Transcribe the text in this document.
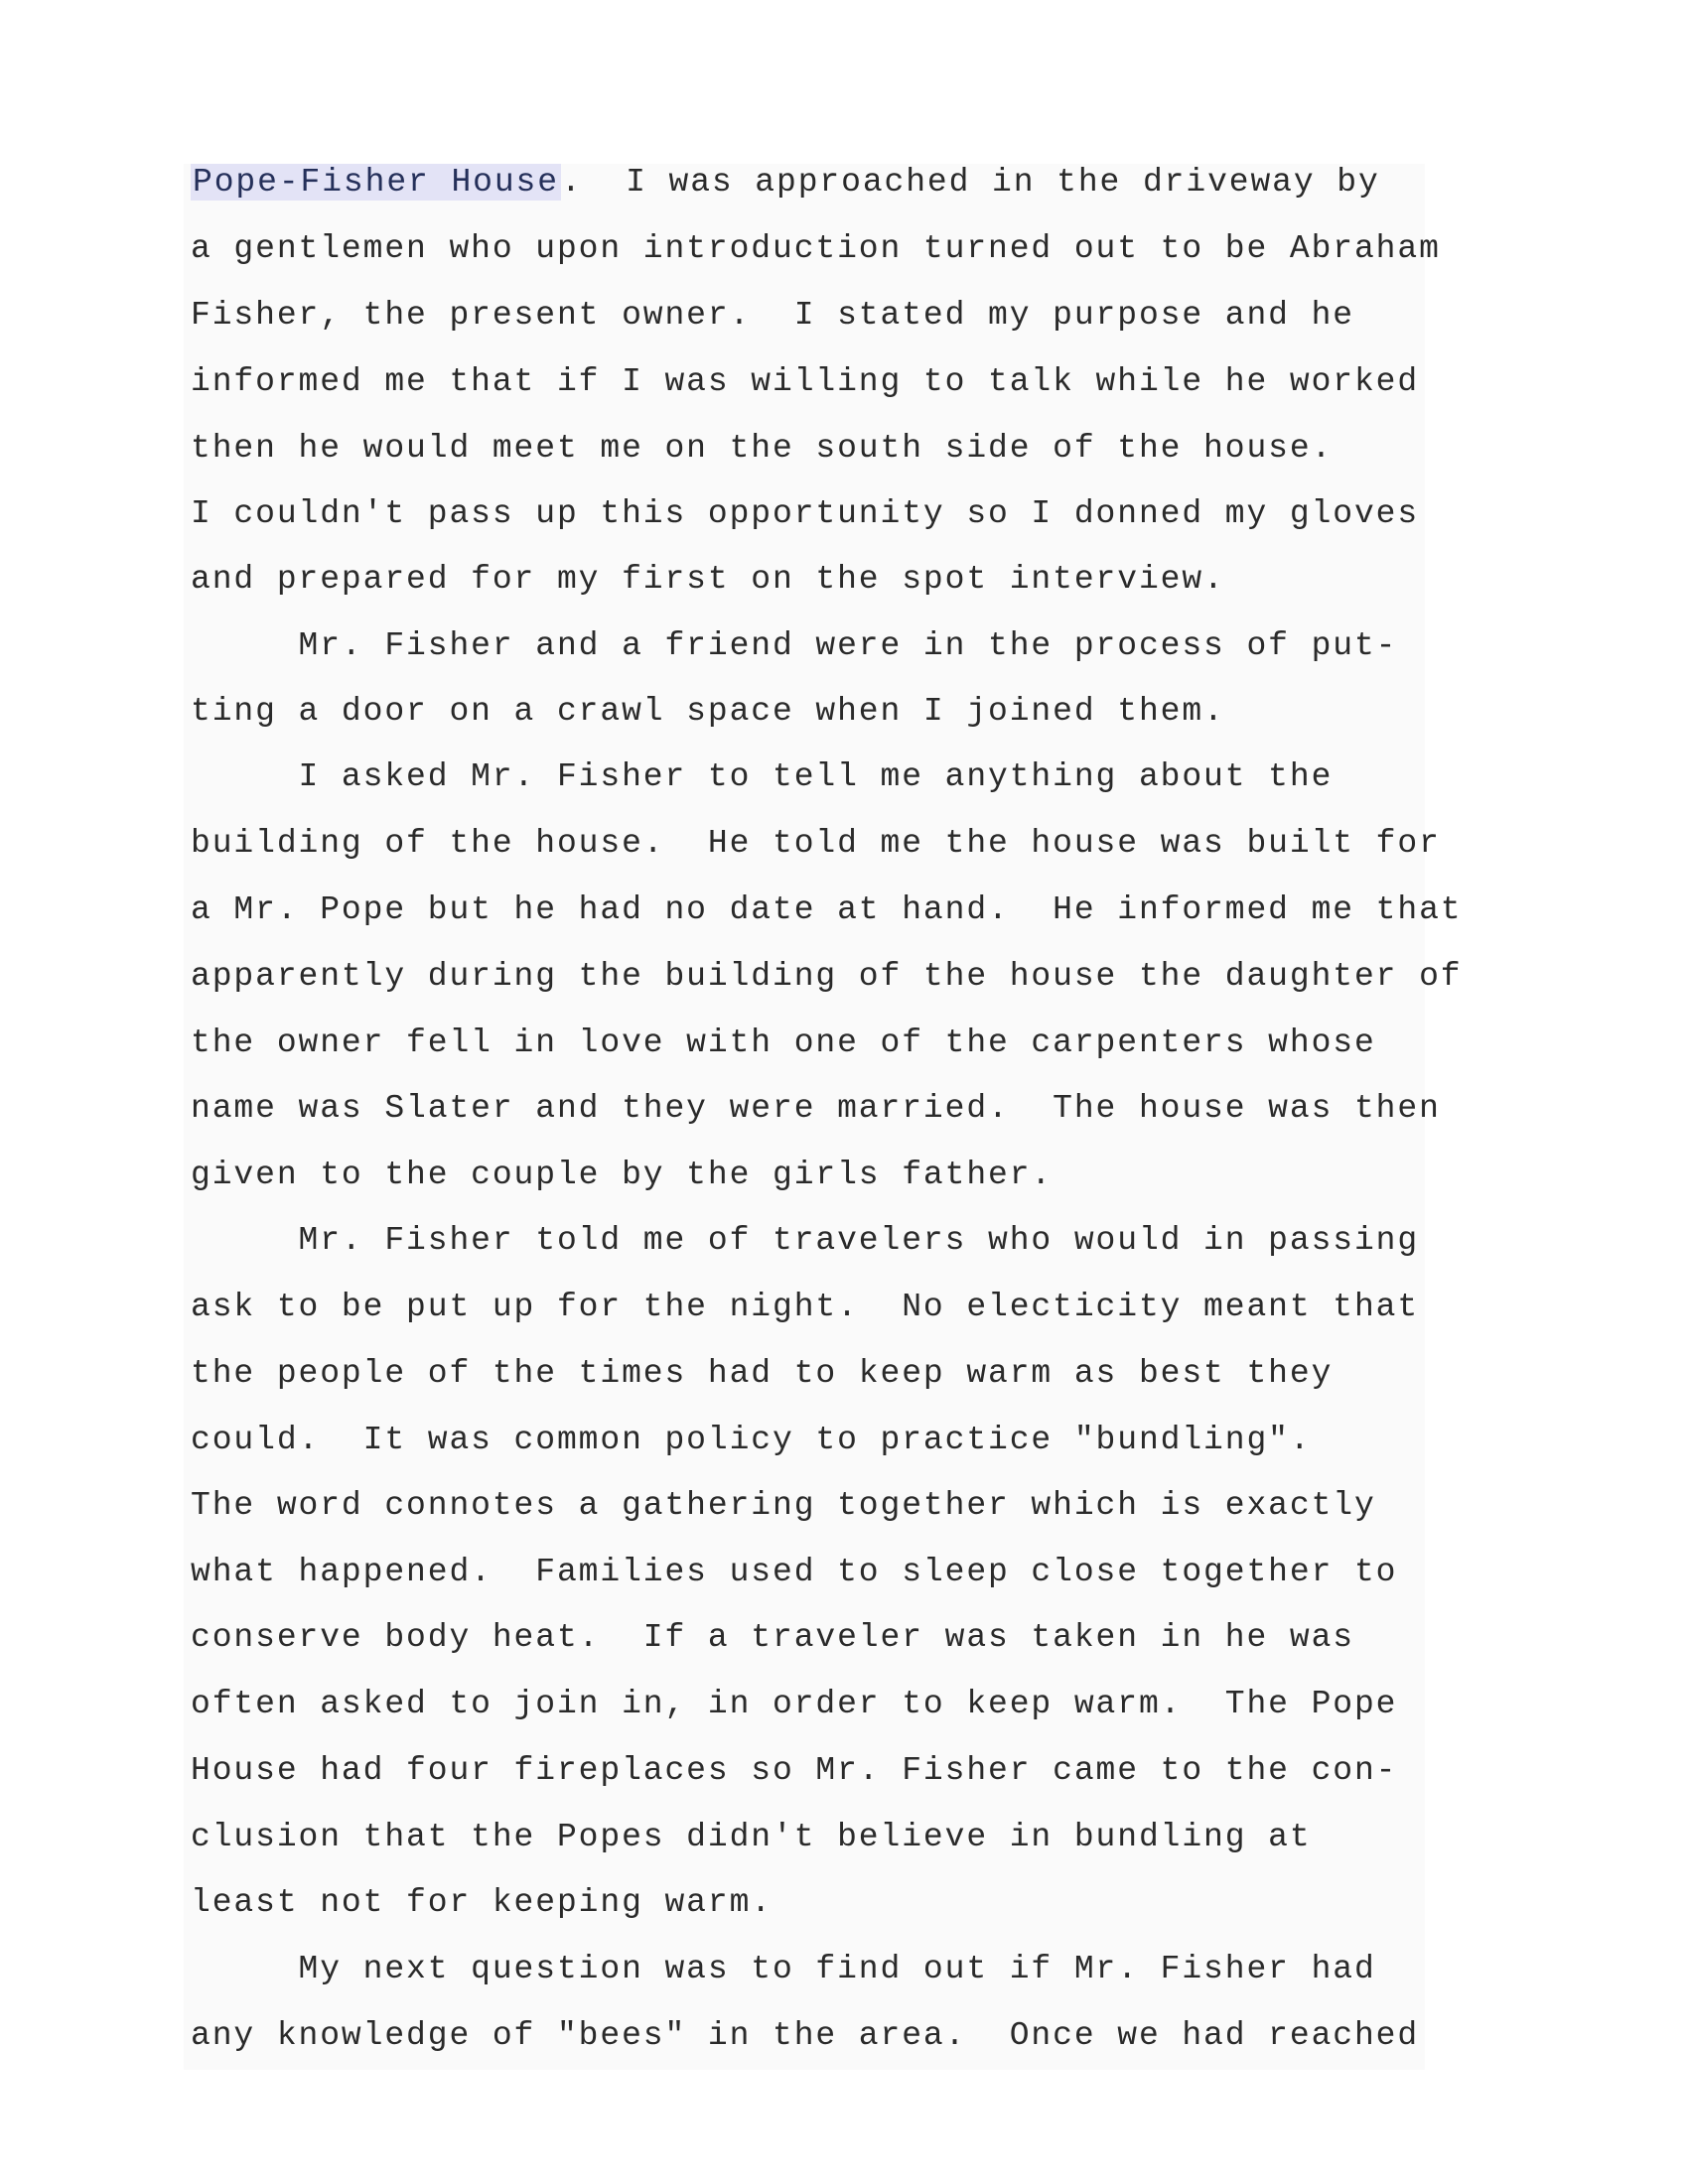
Pope-Fisher House.  I was approached in the driveway by
a gentlemen who upon introduction turned out to be Abraham
Fisher, the present owner.  I stated my purpose and he
informed me that if I was willing to talk while he worked
then he would meet me on the south side of the house.
I couldn't pass up this opportunity so I donned my gloves
and prepared for my first on the spot interview.
Mr. Fisher and a friend were in the process of put-
ting a door on a crawl space when I joined them.
I asked Mr. Fisher to tell me anything about the
building of the house.  He told me the house was built for
a Mr. Pope but he had no date at hand.  He informed me that
apparently during the building of the house the daughter of
the owner fell in love with one of the carpenters whose
name was Slater and they were married.  The house was then
given to the couple by the girls father.
Mr. Fisher told me of travelers who would in passing
ask to be put up for the night.  No electicity meant that
the people of the times had to keep warm as best they
could.  It was common policy to practice "bundling".
The word connotes a gathering together which is exactly
what happened.  Families used to sleep close together to
conserve body heat.  If a traveler was taken in he was
often asked to join in, in order to keep warm.  The Pope
House had four fireplaces so Mr. Fisher came to the con-
clusion that the Popes didn't believe in bundling at
least not for keeping warm.
My next question was to find out if Mr. Fisher had
any knowledge of "bees" in the area.  Once we had reached
